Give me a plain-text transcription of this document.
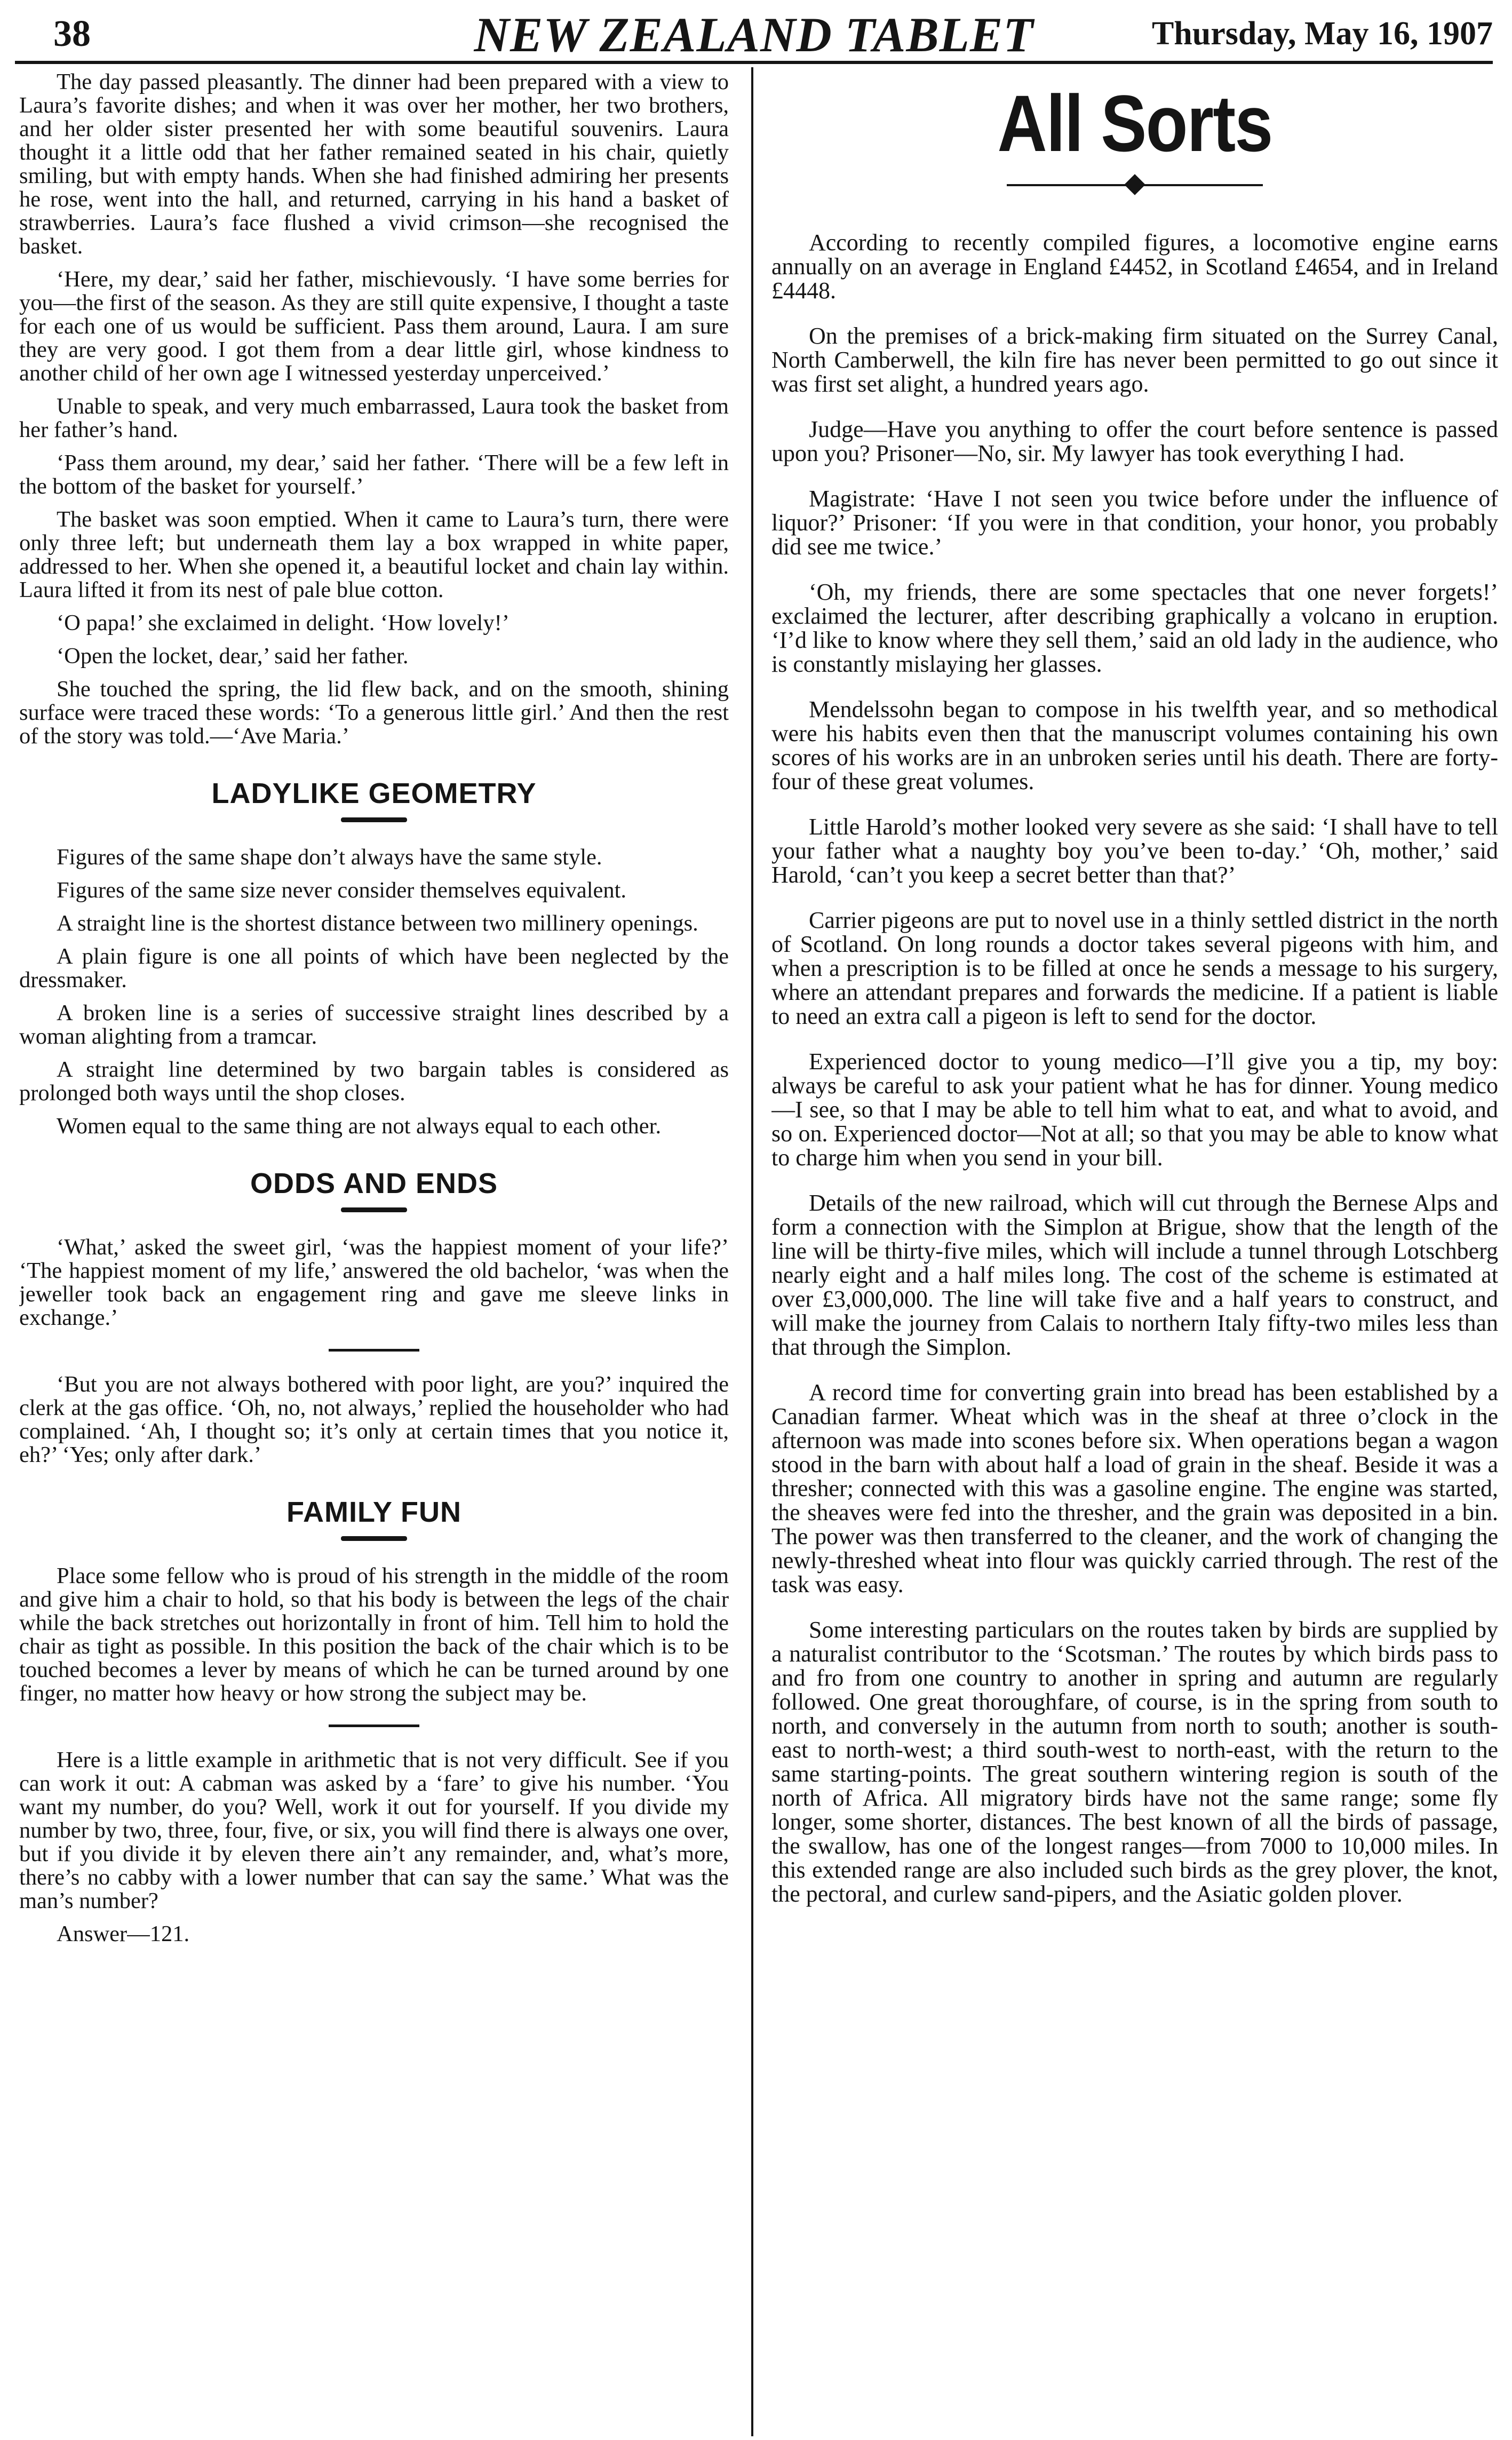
38	NEW ZEALAND TABLET	Thursday, May 16, 1907

The day passed pleasantly. The dinner had been prepared with a view to Laura’s favorite dishes; and when it was over her mother, her two brothers, and her older sister presented her with some beautiful souvenirs. Laura thought it a little odd that her father remained seated in his chair, quietly smiling, but with empty hands. When she had finished admiring her presents he rose, went into the hall, and returned, carrying in his hand a basket of strawberries. Laura’s face flushed a vivid crimson—she recognised the basket.

‘Here, my dear,’ said her father, mischievously. ‘I have some berries for you—the first of the season. As they are still quite expensive, I thought a taste for each one of us would be sufficient. Pass them around, Laura. I am sure they are very good. I got them from a dear little girl, whose kindness to another child of her own age I witnessed yesterday unperceived.’

Unable to speak, and very much embarrassed, Laura took the basket from her father’s hand.

‘Pass them around, my dear,’ said her father. ‘There will be a few left in the bottom of the basket for yourself.’

The basket was soon emptied. When it came to Laura’s turn, there were only three left; but underneath them lay a box wrapped in white paper, addressed to her. When she opened it, a beautiful locket and chain lay within. Laura lifted it from its nest of pale blue cotton.

‘O papa!’ she exclaimed in delight. ‘How lovely!’

‘Open the locket, dear,’ said her father.

She touched the spring, the lid flew back, and on the smooth, shining surface were traced these words: ‘To a generous little girl.’ And then the rest of the story was told.—‘Ave Maria.’

LADYLIKE GEOMETRY

Figures of the same shape don’t always have the same style.

Figures of the same size never consider themselves equivalent.

A straight line is the shortest distance between two millinery openings.

A plain figure is one all points of which have been neglected by the dressmaker.

A broken line is a series of successive straight lines described by a woman alighting from a tramcar.

A straight line determined by two bargain tables is considered as prolonged both ways until the shop closes.

Women equal to the same thing are not always equal to each other.

ODDS AND ENDS

‘What,’ asked the sweet girl, ‘was the happiest moment of your life?’ ‘The happiest moment of my life,’ answered the old bachelor, ‘was when the jeweller took back an engagement ring and gave me sleeve links in exchange.’

‘But you are not always bothered with poor light, are you?’ inquired the clerk at the gas office. ‘Oh, no, not always,’ replied the householder who had complained. ‘Ah, I thought so; it’s only at certain times that you notice it, eh?’ ‘Yes; only after dark.’

FAMILY FUN

Place some fellow who is proud of his strength in the middle of the room and give him a chair to hold, so that his body is between the legs of the chair while the back stretches out horizontally in front of him. Tell him to hold the chair as tight as possible. In this position the back of the chair which is to be touched becomes a lever by means of which he can be turned around by one finger, no matter how heavy or how strong the subject may be.

Here is a little example in arithmetic that is not very difficult. See if you can work it out: A cabman was asked by a ‘fare’ to give his number. ‘You want my number, do you? Well, work it out for yourself. If you divide my number by two, three, four, five, or six, you will find there is always one over, but if you divide it by eleven there ain’t any remainder, and, what’s more, there’s no cabby with a lower number that can say the same.’ What was the man’s number?

Answer—121.

All Sorts

According to recently compiled figures, a locomotive engine earns annually on an average in England £4452, in Scotland £4654, and in Ireland £4448.

On the premises of a brick-making firm situated on the Surrey Canal, North Camberwell, the kiln fire has never been permitted to go out since it was first set alight, a hundred years ago.

Judge—Have you anything to offer the court before sentence is passed upon you? Prisoner—No, sir. My lawyer has took everything I had.

Magistrate: ‘Have I not seen you twice before under the influence of liquor?’ Prisoner: ‘If you were in that condition, your honor, you probably did see me twice.’

‘Oh, my friends, there are some spectacles that one never forgets!’ exclaimed the lecturer, after describing graphically a volcano in eruption. ‘I’d like to know where they sell them,’ said an old lady in the audience, who is constantly mislaying her glasses.

Mendelssohn began to compose in his twelfth year, and so methodical were his habits even then that the manuscript volumes containing his own scores of his works are in an unbroken series until his death. There are forty-four of these great volumes.

Little Harold’s mother looked very severe as she said: ‘I shall have to tell your father what a naughty boy you’ve been to-day.’ ‘Oh, mother,’ said Harold, ‘can’t you keep a secret better than that?’

Carrier pigeons are put to novel use in a thinly settled district in the north of Scotland. On long rounds a doctor takes several pigeons with him, and when a prescription is to be filled at once he sends a message to his surgery, where an attendant prepares and forwards the medicine. If a patient is liable to need an extra call a pigeon is left to send for the doctor.

Experienced doctor to young medico—I’ll give you a tip, my boy: always be careful to ask your patient what he has for dinner. Young medico—I see, so that I may be able to tell him what to eat, and what to avoid, and so on. Experienced doctor—Not at all; so that you may be able to know what to charge him when you send in your bill.

Details of the new railroad, which will cut through the Bernese Alps and form a connection with the Simplon at Brigue, show that the length of the line will be thirty-five miles, which will include a tunnel through Lotschberg nearly eight and a half miles long. The cost of the scheme is estimated at over £3,000,000. The line will take five and a half years to construct, and will make the journey from Calais to northern Italy fifty-two miles less than that through the Simplon.

A record time for converting grain into bread has been established by a Canadian farmer. Wheat which was in the sheaf at three o’clock in the afternoon was made into scones before six. When operations began a wagon stood in the barn with about half a load of grain in the sheaf. Beside it was a thresher; connected with this was a gasoline engine. The engine was started, the sheaves were fed into the thresher, and the grain was deposited in a bin. The power was then transferred to the cleaner, and the work of changing the newly-threshed wheat into flour was quickly carried through. The rest of the task was easy.

Some interesting particulars on the routes taken by birds are supplied by a naturalist contributor to the ‘Scotsman.’ The routes by which birds pass to and fro from one country to another in spring and autumn are regularly followed. One great thoroughfare, of course, is in the spring from south to north, and conversely in the autumn from north to south; another is south-east to north-west; a third south-west to north-east, with the return to the same starting-points. The great southern wintering region is south of the north of Africa. All migratory birds have not the same range; some fly longer, some shorter, distances. The best known of all the birds of passage, the swallow, has one of the longest ranges—from 7000 to 10,000 miles. In this extended range are also included such birds as the grey plover, the knot, the pectoral, and curlew sand-pipers, and the Asiatic golden plover.
